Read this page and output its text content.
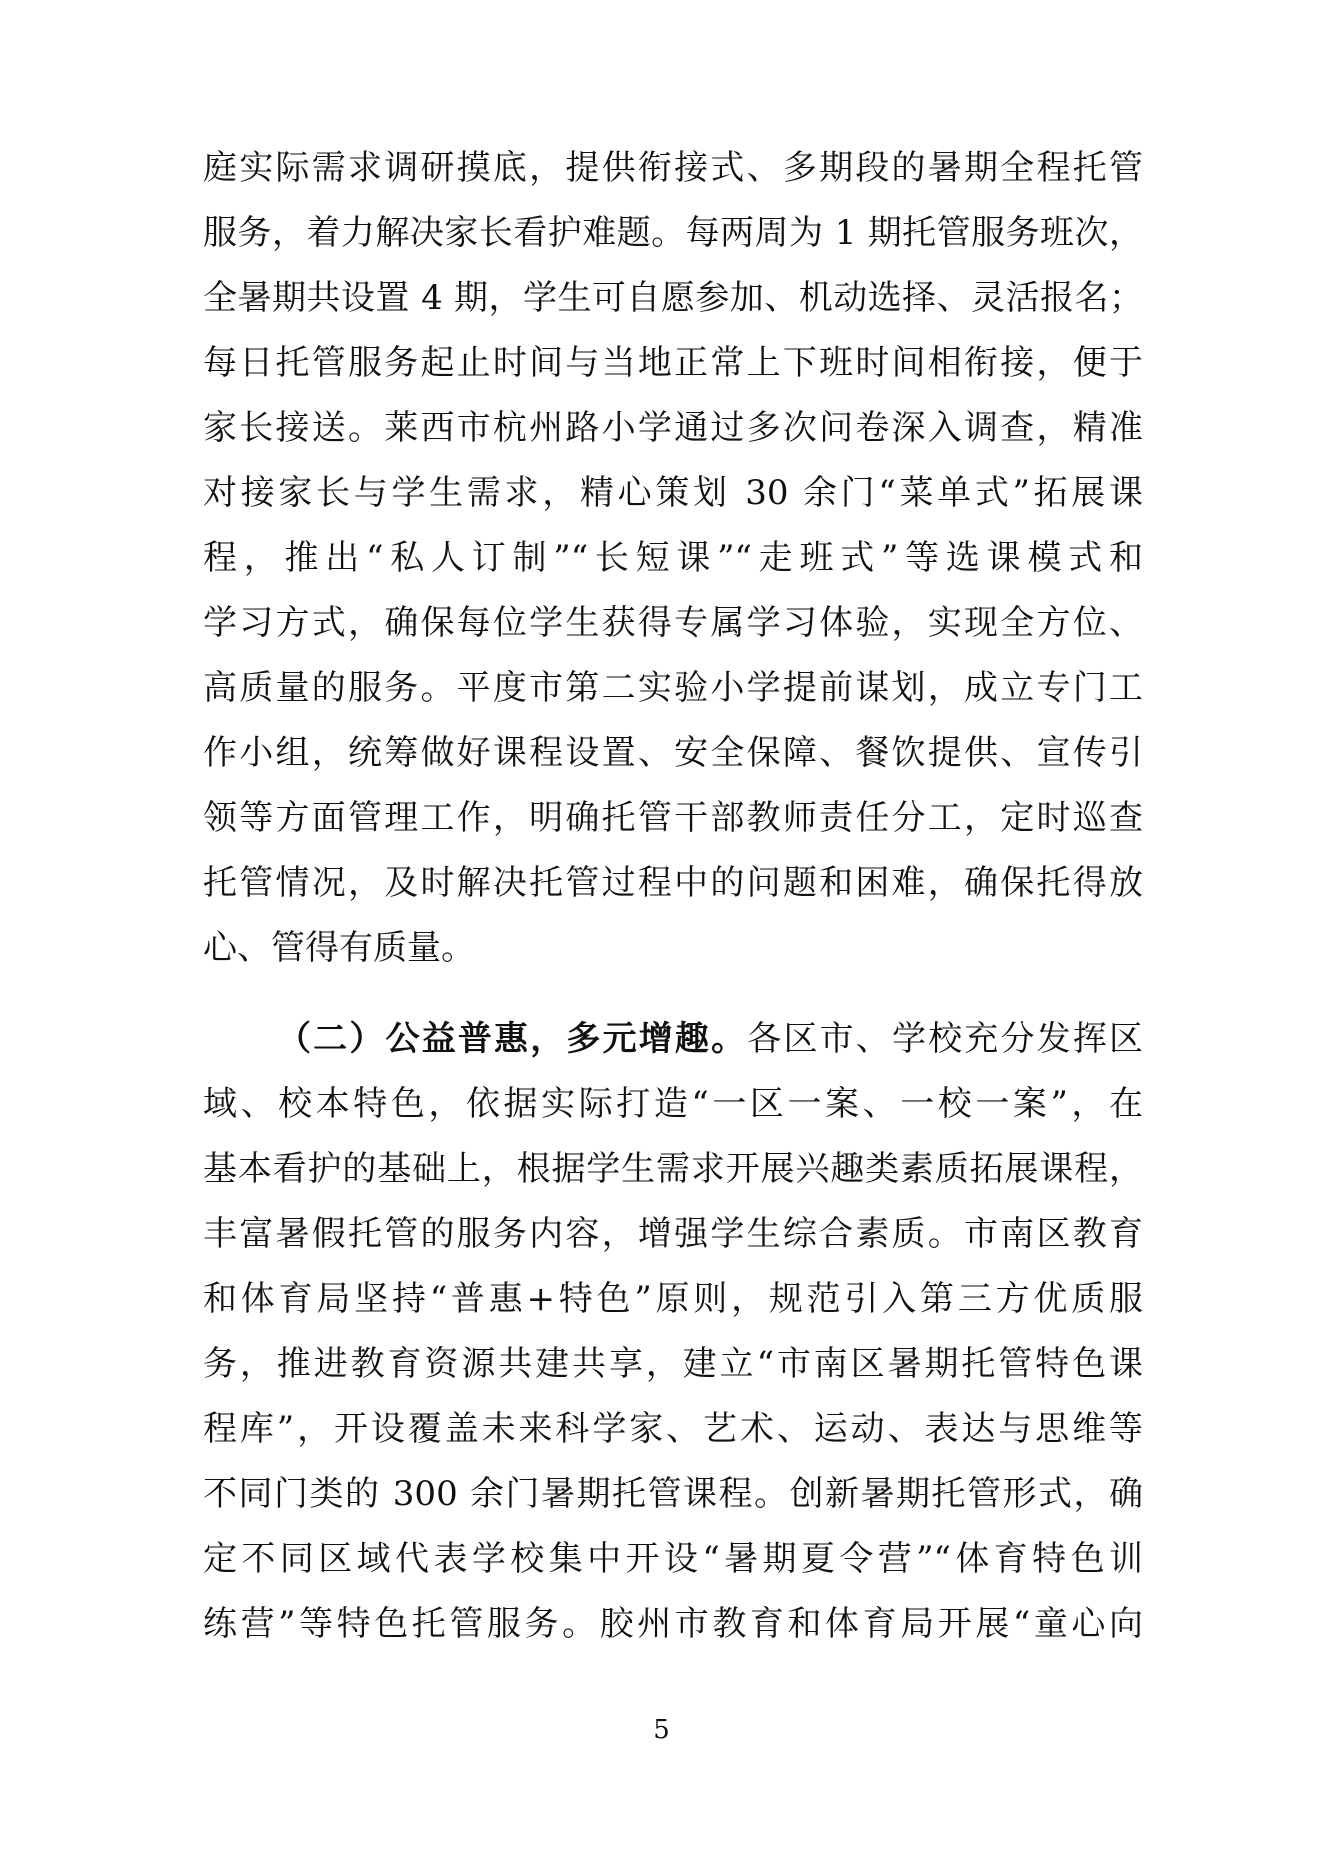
庭实际需求调研摸底，提供衔接式、多期段的暑期全程托管
服务，着力解决家长看护难题。每两周为 1 期托管服务班次，
全暑期共设置 4 期，学生可自愿参加、机动选择、灵活报名；
每日托管服务起止时间与当地正常上下班时间相衔接，便于
家长接送。莱西市杭州路小学通过多次问卷深入调查，精准
对接家长与学生需求，精心策划 30 余门“菜单式”拓展课
程，推出“私人订制”“长短课”“走班式”等选课模式和
学习方式，确保每位学生获得专属学习体验，实现全方位、
高质量的服务。平度市第二实验小学提前谋划，成立专门工
作小组，统筹做好课程设置、安全保障、餐饮提供、宣传引
领等方面管理工作，明确托管干部教师责任分工，定时巡查
托管情况，及时解决托管过程中的问题和困难，确保托得放
心、管得有质量。
（二）公益普惠，多元增趣。各区市、学校充分发挥区
域、校本特色，依据实际打造“一区一案、一校一案”，在
基本看护的基础上，根据学生需求开展兴趣类素质拓展课程，
丰富暑假托管的服务内容，增强学生综合素质。市南区教育
和体育局坚持“普惠+特色”原则，规范引入第三方优质服
务，推进教育资源共建共享，建立“市南区暑期托管特色课
程库”，开设覆盖未来科学家、艺术、运动、表达与思维等
不同门类的 300 余门暑期托管课程。创新暑期托管形式，确
定不同区域代表学校集中开设“暑期夏令营”“体育特色训
练营”等特色托管服务。胶州市教育和体育局开展“童心向
5
